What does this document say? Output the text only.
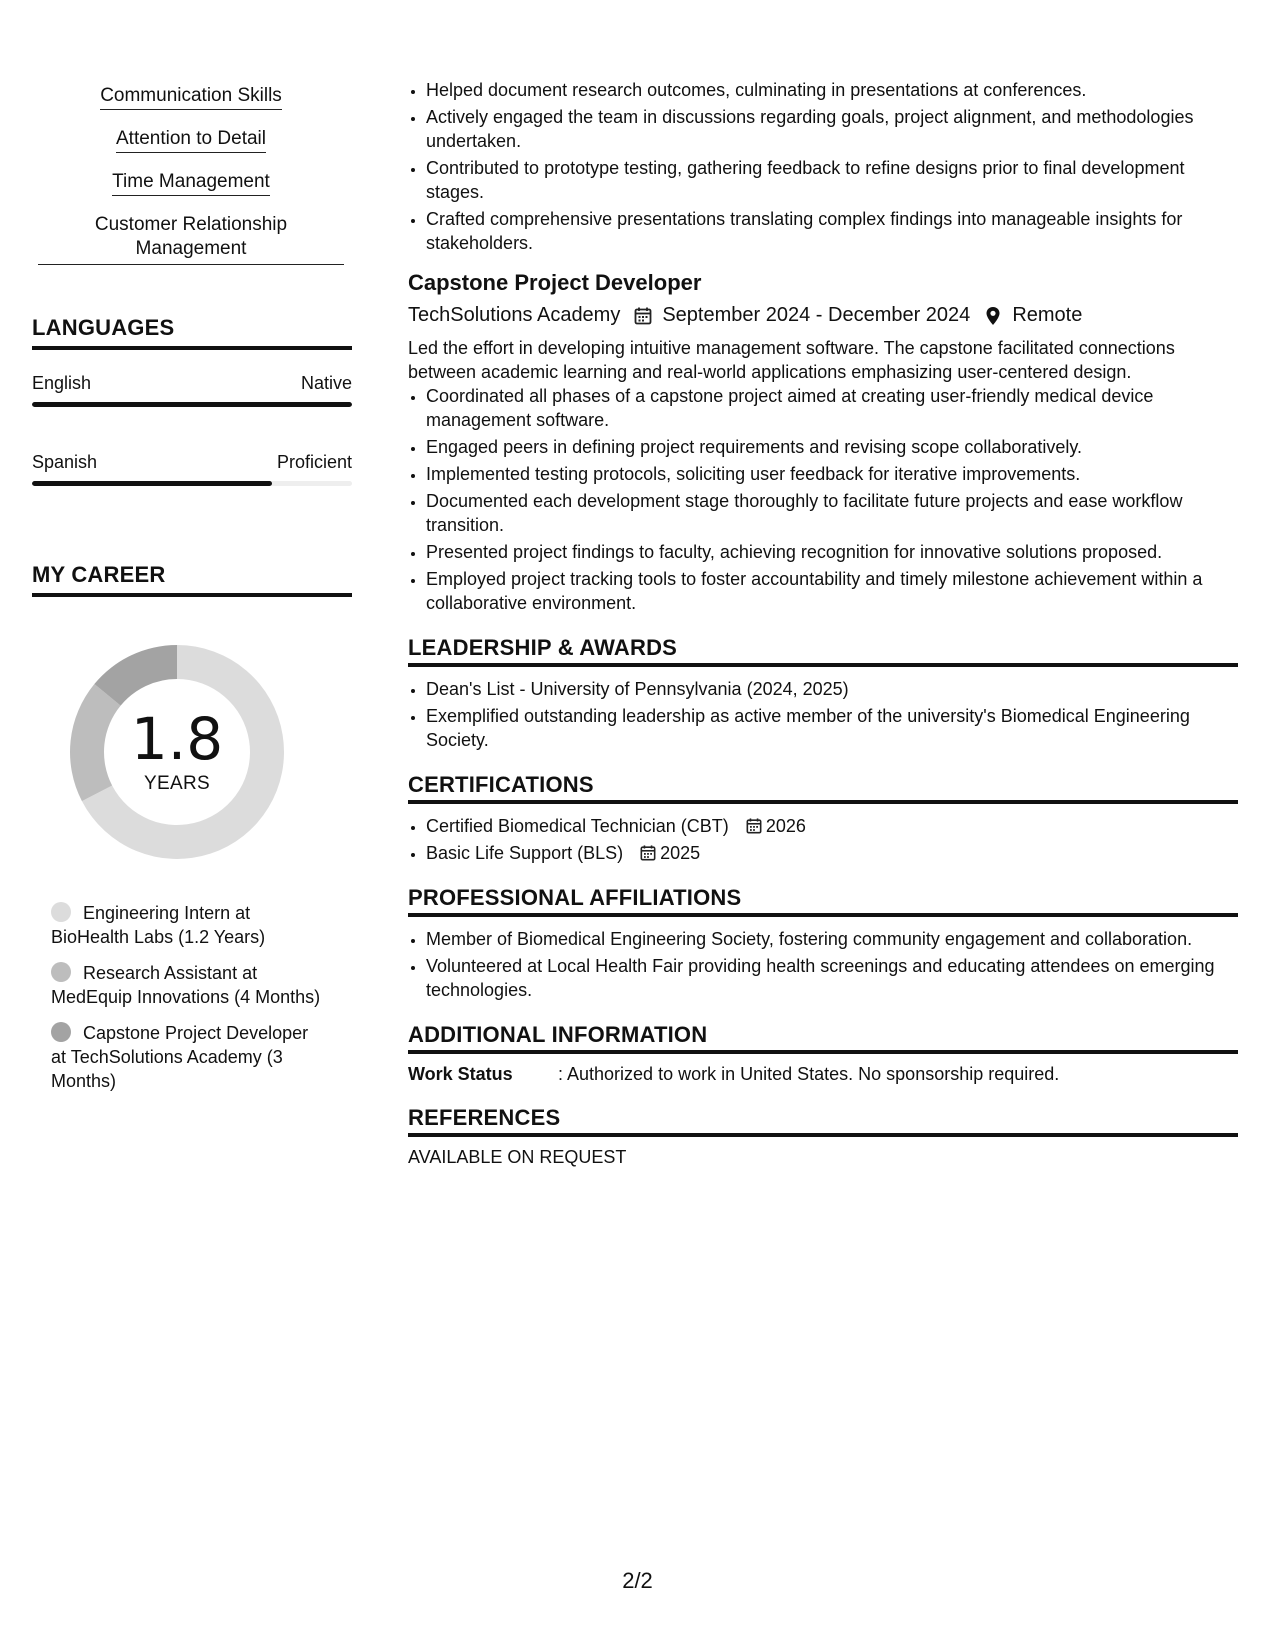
Communication Skills
Attention to Detail
Time Management
Customer Relationship Management
LANGUAGES
English	Native
Spanish	Proficient
MY CAREER
1.8
YEARS
Engineering Intern at BioHealth Labs (1.2 Years)
Research Assistant at MedEquip Innovations (4 Months)
Capstone Project Developer at TechSolutions Academy (3 Months)
• Helped document research outcomes, culminating in presentations at conferences.
• Actively engaged the team in discussions regarding goals, project alignment, and methodologies undertaken.
• Contributed to prototype testing, gathering feedback to refine designs prior to final development stages.
• Crafted comprehensive presentations translating complex findings into manageable insights for stakeholders.
Capstone Project Developer
TechSolutions Academy September 2024 - December 2024 Remote
Led the effort in developing intuitive management software. The capstone facilitated connections between academic learning and real-world applications emphasizing user-centered design.
• Coordinated all phases of a capstone project aimed at creating user-friendly medical device management software.
• Engaged peers in defining project requirements and revising scope collaboratively.
• Implemented testing protocols, soliciting user feedback for iterative improvements.
• Documented each development stage thoroughly to facilitate future projects and ease workflow transition.
• Presented project findings to faculty, achieving recognition for innovative solutions proposed.
• Employed project tracking tools to foster accountability and timely milestone achievement within a collaborative environment.
LEADERSHIP & AWARDS
• Dean's List - University of Pennsylvania (2024, 2025)
• Exemplified outstanding leadership as active member of the university's Biomedical Engineering Society.
CERTIFICATIONS
• Certified Biomedical Technician (CBT) 2026
• Basic Life Support (BLS) 2025
PROFESSIONAL AFFILIATIONS
• Member of Biomedical Engineering Society, fostering community engagement and collaboration.
• Volunteered at Local Health Fair providing health screenings and educating attendees on emerging technologies.
ADDITIONAL INFORMATION
Work Status	: Authorized to work in United States. No sponsorship required.
REFERENCES
AVAILABLE ON REQUEST
2/2
